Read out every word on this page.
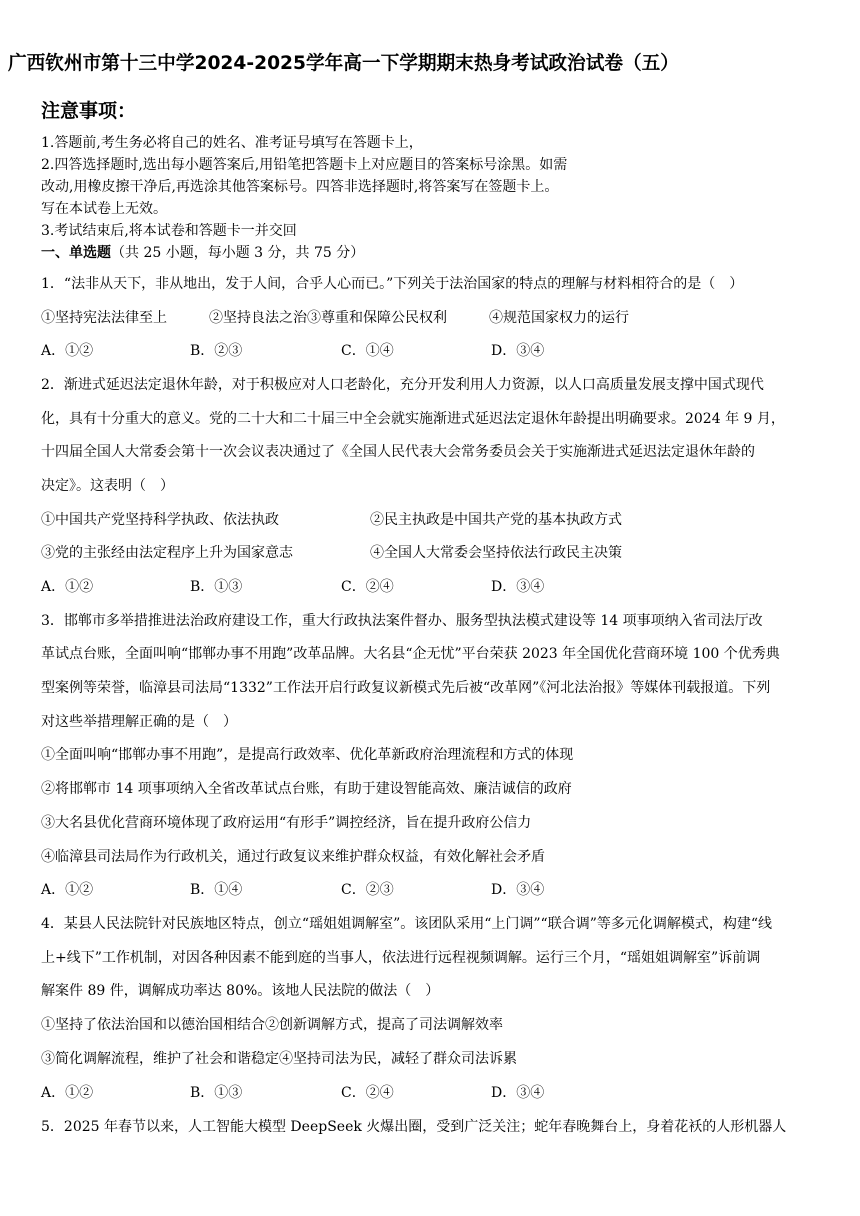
广西钦州市第十三中学2024-2025学年高一下学期期末热身考试政治试卷（五）
注意事项：
1.答题前,考生务必将自己的姓名、准考证号填写在答题卡上，
2.四答选择题时,选出每小题答案后,用铅笔把答题卡上对应题目的答案标号涂黑。如需
改动,用橡皮擦干净后,再选涂其他答案标号。四答非选择题时,将答案写在签题卡上。
写在本试卷上无效。
3.考试结束后,将本试卷和答题卡一并交回
一、单选题（共 25 小题，每小题 3 分，共 75 分）
1．“法非从天下，非从地出，发于人间，合乎人心而已。”下列关于法治国家的特点的理解与材料相符合的是（　）
①坚持宪法法律至上　　　②坚持良法之治③尊重和保障公民权利　　　④规范国家权力的运行
A．①②	B．②③	C．①④	D．③④
2．渐进式延迟法定退休年龄，对于积极应对人口老龄化，充分开发利用人力资源，以人口高质量发展支撑中国式现代
化，具有十分重大的意义。党的二十大和二十届三中全会就实施渐进式延迟法定退休年龄提出明确要求。2024 年 9 月，
十四届全国人大常委会第十一次会议表决通过了《全国人民代表大会常务委员会关于实施渐进式延迟法定退休年龄的
决定》。这表明（　）
①中国共产党坚持科学执政、依法执政	②民主执政是中国共产党的基本执政方式
③党的主张经由法定程序上升为国家意志	④全国人大常委会坚持依法行政民主决策
A．①②	B．①③	C．②④	D．③④
3．邯郸市多举措推进法治政府建设工作，重大行政执法案件督办、服务型执法模式建设等 14 项事项纳入省司法厅改
革试点台账，全面叫响“邯郸办事不用跑”改革品牌。大名县“企无忧”平台荣获 2023 年全国优化营商环境 100 个优秀典
型案例等荣誉，临漳县司法局“1332”工作法开启行政复议新模式先后被“改革网”《河北法治报》等媒体刊载报道。下列
对这些举措理解正确的是（　）
①全面叫响“邯郸办事不用跑”，是提高行政效率、优化革新政府治理流程和方式的体现
②将邯郸市 14 项事项纳入全省改革试点台账，有助于建设智能高效、廉洁诚信的政府
③大名县优化营商环境体现了政府运用“有形手”调控经济，旨在提升政府公信力
④临漳县司法局作为行政机关，通过行政复议来维护群众权益，有效化解社会矛盾
A．①②	B．①④	C．②③	D．③④
4．某县人民法院针对民族地区特点，创立“瑶姐姐调解室”。该团队采用“上门调”“联合调”等多元化调解模式，构建“线
上+线下”工作机制，对因各种因素不能到庭的当事人，依法进行远程视频调解。运行三个月，“瑶姐姐调解室”诉前调
解案件 89 件，调解成功率达 80%。该地人民法院的做法（　）
①坚持了依法治国和以德治国相结合②创新调解方式，提高了司法调解效率
③简化调解流程，维护了社会和谐稳定④坚持司法为民，减轻了群众司法诉累
A．①②	B．①③	C．②④	D．③④
5．2025 年春节以来，人工智能大模型 DeepSeek 火爆出圈，受到广泛关注；蛇年春晚舞台上，身着花袄的人形机器人
